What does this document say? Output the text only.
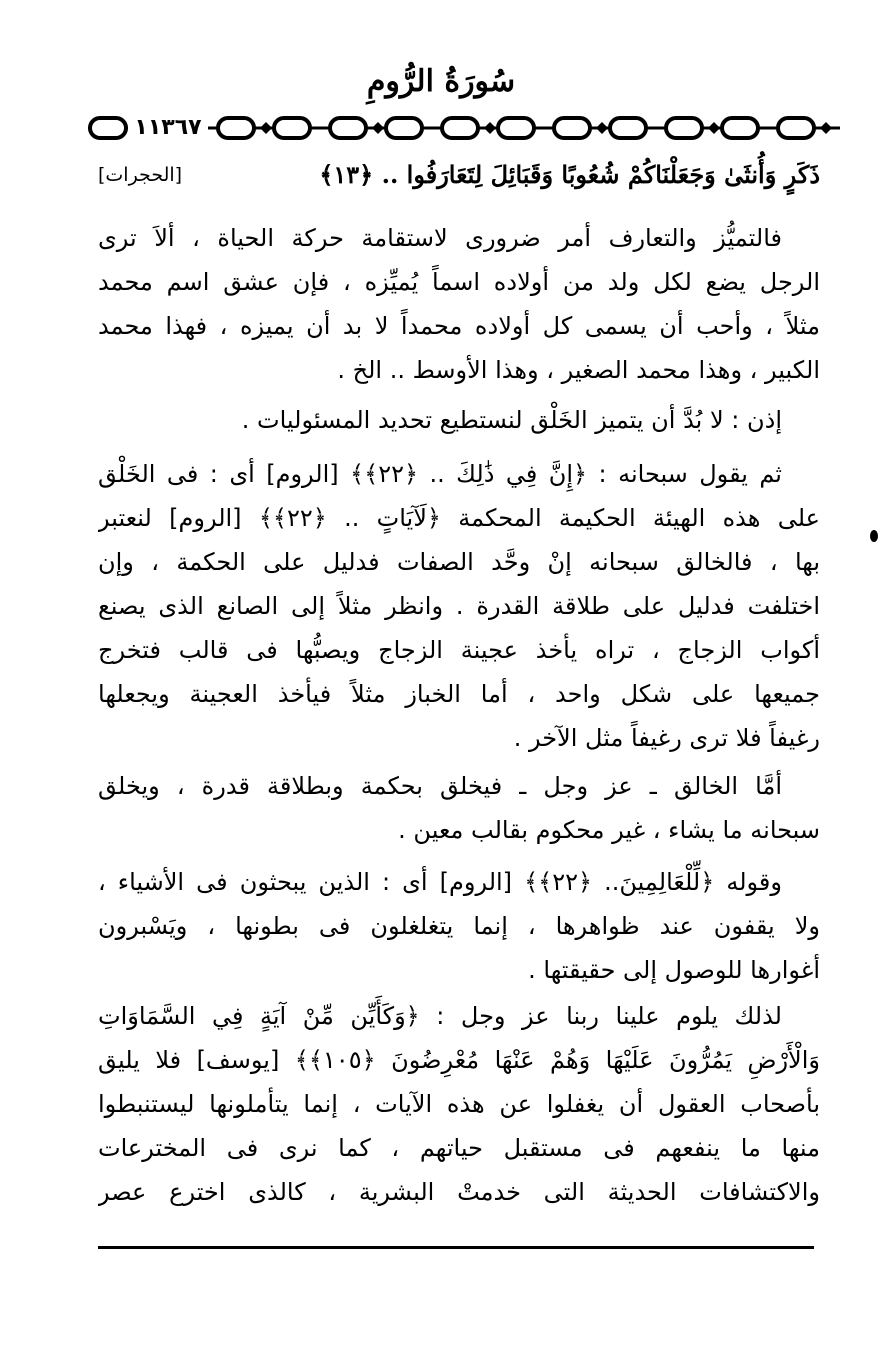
سُورَةُ الرُّومِ
١١٣٦٧
ذَكَرٍ وَأُنثَىٰ وَجَعَلْنَاكُمْ شُعُوبًا وَقَبَائِلَ لِتَعَارَفُوا .. ﴿١٣﴾
[الحجرات]
فالتميُّز والتعارف أمر ضرورى لاستقامة حركة الحياة ، ألاَ ترى
الرجل يضع لكل ولد من أولاده اسماً يُميِّزه ، فإن عشق اسم محمد
مثلاً ، وأحب أن يسمى كل أولاده محمداً لا بد أن يميزه ، فهذا محمد
الكبير ، وهذا محمد الصغير ، وهذا الأوسط .. الخ .
إذن : لا بُدَّ أن يتميز الخَلْق لنستطيع تحديد المسئوليات .
ثم يقول سبحانه : ﴿إِنَّ فِي ذَٰلِكَ .. ﴿٢٢﴾﴾ [الروم] أى : فى الخَلْق
على هذه الهيئة الحكيمة المحكمة ﴿لَآيَاتٍ .. ﴿٢٢﴾﴾ [الروم] لنعتبر
بها ، فالخالق سبحانه إنْ وحَّد الصفات فدليل على الحكمة ، وإن
اختلفت فدليل على طلاقة القدرة . وانظر مثلاً إلى الصانع الذى يصنع
أكواب الزجاج ، تراه يأخذ عجينة الزجاج ويصبُّها فى قالب فتخرج
جميعها على شكل واحد ، أما الخباز مثلاً فيأخذ العجينة ويجعلها
رغيفاً فلا ترى رغيفاً مثل الآخر .
أمَّا الخالق ـ عز وجل ـ فيخلق بحكمة وبطلاقة قدرة ، ويخلق
سبحانه ما يشاء ، غير محكوم بقالب معين .
وقوله ﴿لِّلْعَالِمِينَ.. ﴿٢٢﴾﴾ [الروم] أى : الذين يبحثون فى الأشياء ،
ولا يقفون عند ظواهرها ، إنما يتغلغلون فى بطونها ، ويَسْبرون
أغوارها للوصول إلى حقيقتها .
لذلك يلوم علينا ربنا عز وجل : ﴿وَكَأَيِّن مِّنْ آيَةٍ فِي السَّمَاوَاتِ
وَالْأَرْضِ يَمُرُّونَ عَلَيْهَا وَهُمْ عَنْهَا مُعْرِضُونَ ﴿١٠٥﴾﴾ [يوسف] فلا يليق
بأصحاب العقول أن يغفلوا عن هذه الآيات ، إنما يتأملونها ليستنبطوا
منها ما ينفعهم فى مستقبل حياتهم ، كما نرى فى المخترعات
والاكتشافات الحديثة التى خدمتْ البشرية ، كالذى اخترع عصر
